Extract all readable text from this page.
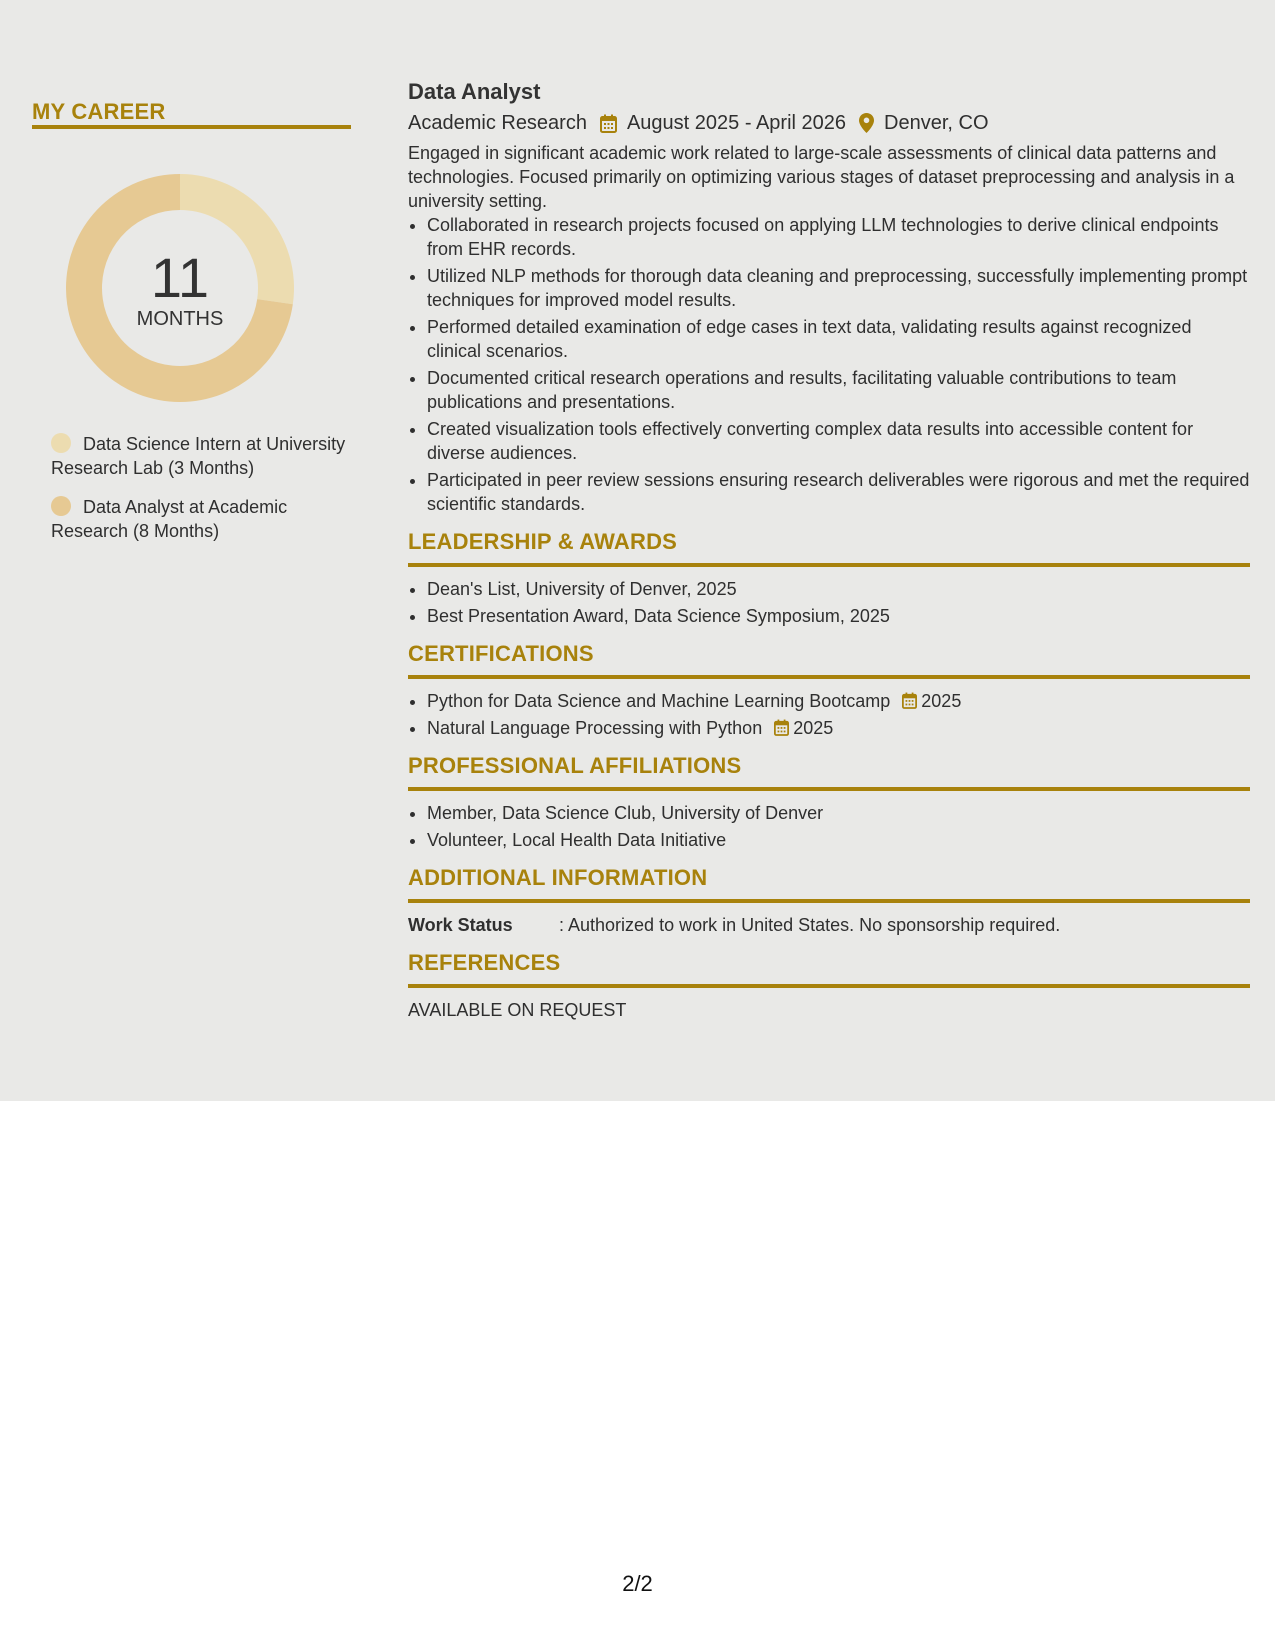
MY CAREER
11
MONTHS
Data Science Intern at University Research Lab (3 Months)
Data Analyst at Academic Research (8 Months)
Data Analyst
Academic Research August 2025 - April 2026 Denver, CO
Engaged in significant academic work related to large-scale assessments of clinical data patterns and technologies. Focused primarily on optimizing various stages of dataset preprocessing and analysis in a university setting.
• Collaborated in research projects focused on applying LLM technologies to derive clinical endpoints from EHR records.
• Utilized NLP methods for thorough data cleaning and preprocessing, successfully implementing prompt techniques for improved model results.
• Performed detailed examination of edge cases in text data, validating results against recognized clinical scenarios.
• Documented critical research operations and results, facilitating valuable contributions to team publications and presentations.
• Created visualization tools effectively converting complex data results into accessible content for diverse audiences.
• Participated in peer review sessions ensuring research deliverables were rigorous and met the required scientific standards.
LEADERSHIP & AWARDS
• Dean's List, University of Denver, 2025
• Best Presentation Award, Data Science Symposium, 2025
CERTIFICATIONS
• Python for Data Science and Machine Learning Bootcamp 2025
• Natural Language Processing with Python 2025
PROFESSIONAL AFFILIATIONS
• Member, Data Science Club, University of Denver
• Volunteer, Local Health Data Initiative
ADDITIONAL INFORMATION
Work Status	: Authorized to work in United States. No sponsorship required.
REFERENCES
AVAILABLE ON REQUEST
2/2
